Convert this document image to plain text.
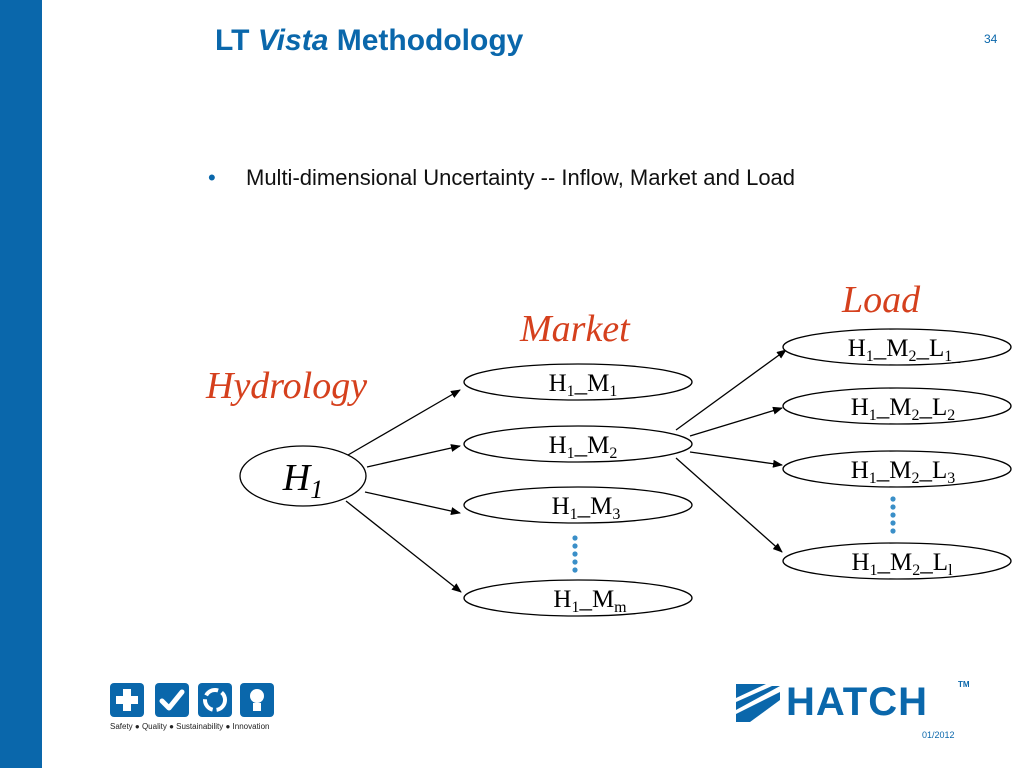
LT Vista Methodology	34
• Multi-dimensional Uncertainty -- Inflow, Market and Load
Hydrology
Market
Load
$H_1$
$H_1\_M_1$
$H_1\_M_2$
$H_1\_M_3$
$H_1\_M_m$
$H_1\_M_2\_L_{1\_}$
$H_1\_M_2\_L_2$
$H_1\_M_2\_L_3$
$H_1\_M_2\_L_l$
Safety ● Quality ● Sustainability ● Innovation
HATCH	TM
01/2012
